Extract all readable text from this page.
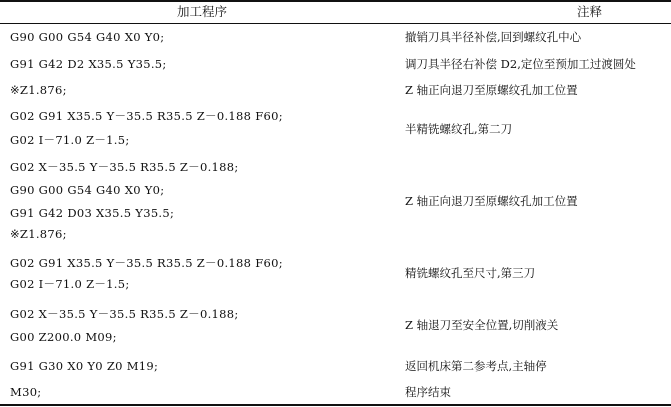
加工程序	注释
G90 G00 G54 G40 X0 Y0;
G91 G42 D2 X35.5 Y35.5;
※Z1.876;
G02 G91 X35.5 Y－35.5 R35.5 Z－0.188 F60;
G02 I－71.0 Z－1.5;
G02 X－35.5 Y－35.5 R35.5 Z－0.188;
G90 G00 G54 G40 X0 Y0;
G91 G42 D03 X35.5 Y35.5;
※Z1.876;
G02 G91 X35.5 Y－35.5 R35.5 Z－0.188 F60;
G02 I－71.0 Z－1.5;
G02 X－35.5 Y－35.5 R35.5 Z－0.188;
G00 Z200.0 M09;
G91 G30 X0 Y0 Z0 M19;
M30;
撤销刀具半径补偿,回到螺纹孔中心
调刀具半径右补偿 D2,定位至预加工过渡圆处
Z 轴正向退刀至原螺纹孔加工位置
半精铣螺纹孔,第二刀
Z 轴正向退刀至原螺纹孔加工位置
精铣螺纹孔至尺寸,第三刀
Z 轴退刀至安全位置,切削液关
返回机床第二参考点,主轴停
程序结束
